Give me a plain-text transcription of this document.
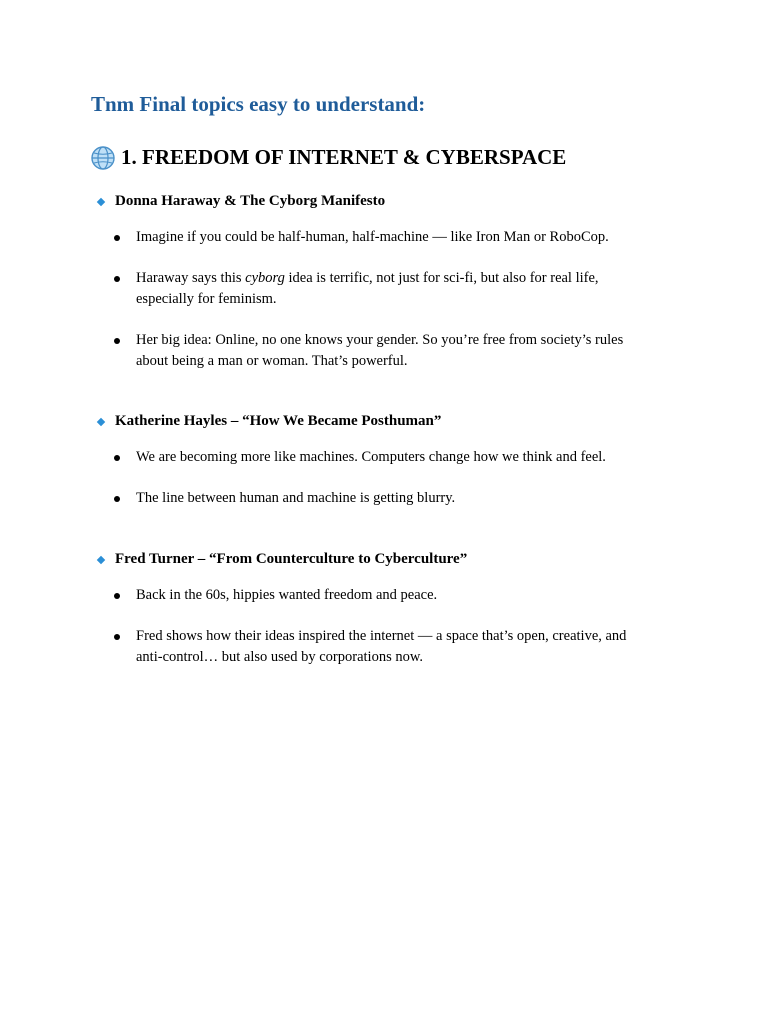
Tnm Final topics easy to understand:
1. FREEDOM OF INTERNET & CYBERSPACE
Donna Haraway & The Cyborg Manifesto
Imagine if you could be half-human, half-machine — like Iron Man or RoboCop.
Haraway says this cyborg idea is terrific, not just for sci-fi, but also for real life, especially for feminism.
Her big idea: Online, no one knows your gender. So you’re free from society’s rules about being a man or woman. That’s powerful.
Katherine Hayles – “How We Became Posthuman”
We are becoming more like machines. Computers change how we think and feel.
The line between human and machine is getting blurry.
Fred Turner – “From Counterculture to Cyberculture”
Back in the 60s, hippies wanted freedom and peace.
Fred shows how their ideas inspired the internet — a space that’s open, creative, and anti-control… but also used by corporations now.
